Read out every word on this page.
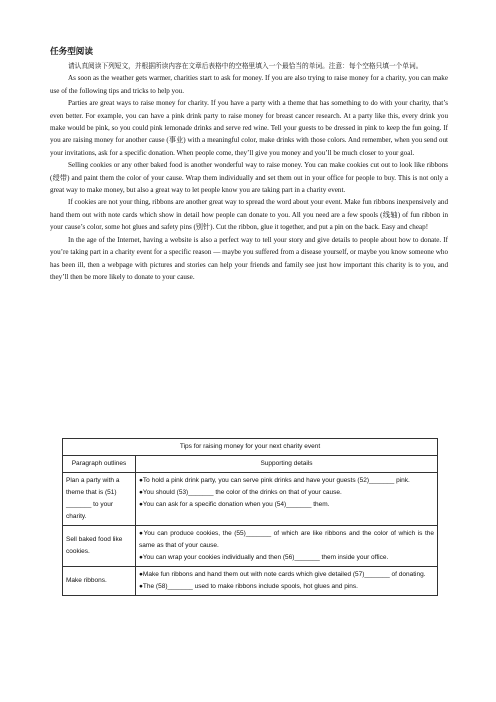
任务型阅读

请认真阅读下列短文，并根据所读内容在文章后表格中的空格里填入一个最恰当的单词。注意：每个空格只填一个单词。

As soon as the weather gets warmer, charities start to ask for money. If you are also trying to raise money for a charity, you can make use of the following tips and tricks to help you.

Parties are great ways to raise money for charity. If you have a party with a theme that has something to do with your charity, that’s even better. For example, you can have a pink drink party to raise money for breast cancer research. At a party like this, every drink you make would be pink, so you could pink lemonade drinks and serve red wine. Tell your guests to be dressed in pink to keep the fun going. If you are raising money for another cause (事业) with a meaningful color, make drinks with those colors. And remember, when you send out your invitations, ask for a specific donation. When people come, they’ll give you money and you’ll be much closer to your goal.

Selling cookies or any other baked food is another wonderful way to raise money. You can make cookies cut out to look like ribbons (绶带) and paint them the color of your cause. Wrap them individually and set them out in your office for people to buy. This is not only a great way to make money, but also a great way to let people know you are taking part in a charity event.

If cookies are not your thing, ribbons are another great way to spread the word about your event. Make fun ribbons inexpensively and hand them out with note cards which show in detail how people can donate to you. All you need are a few spools (线轴) of fun ribbon in your cause’s color, some hot glues and safety pins (别针). Cut the ribbon, glue it together, and put a pin on the back. Easy and cheap!

In the age of the Internet, having a website is also a perfect way to tell your story and give details to people about how to donate. If you’re taking part in a charity event for a specific reason — maybe you suffered from a disease yourself, or maybe you know someone who has been ill, then a webpage with pictures and stories can help your friends and family see just how important this charity is to you, and they’ll then be more likely to donate to your cause.

Tips for raising money for your next charity event	
Paragraph outlines	Supporting details
Plan a party with a theme that is (51) _______ to your charity.	●To hold a pink drink party, you can serve pink drinks and have your guests (52)_______ pink.
●You should (53)_______ the color of the drinks on that of your cause.
●You can ask for a specific donation when you (54)_______ them.

Sell baked food like cookies.	●You can produce cookies, the (55)_______ of which are like ribbons and the color of which is the same as that of your cause.
●You can wrap your cookies individually and then (56)_______ them inside your office.

Make ribbons.	●Make fun ribbons and hand them out with note cards which give detailed (57)_______ of donating.
●The (58)_______ used to make ribbons include spools, hot glues and pins.
